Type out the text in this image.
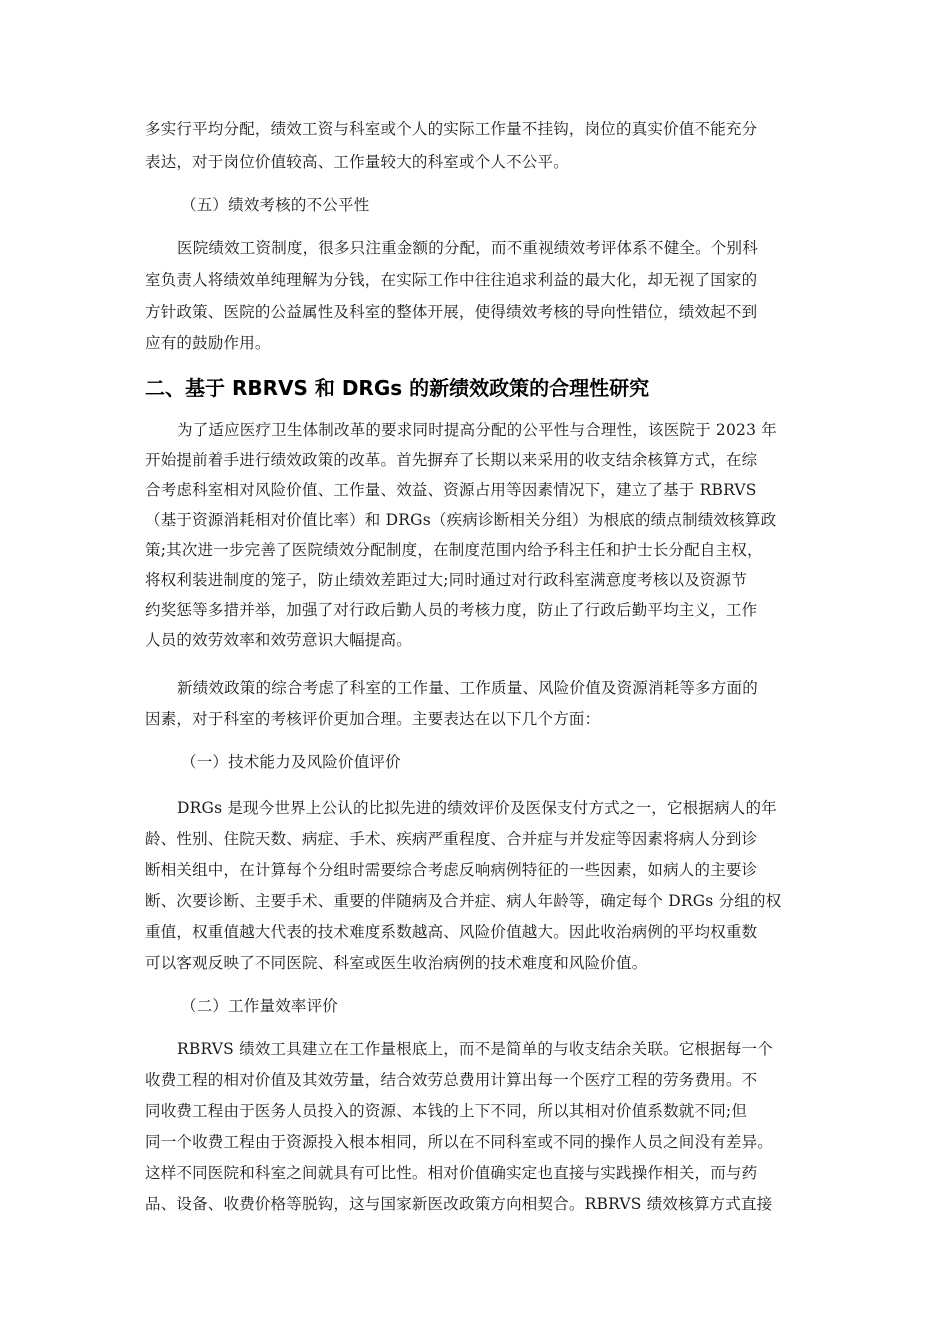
多实行平均分配，绩效工资与科室或个人的实际工作量不挂钩，岗位的真实价值不能充分
表达，对于岗位价值较高、工作量较大的科室或个人不公平。
（五）绩效考核的不公平性
医院绩效工资制度，很多只注重金额的分配，而不重视绩效考评体系不健全。个别科
室负责人将绩效单纯理解为分钱，在实际工作中往往追求利益的最大化，却无视了国家的
方针政策、医院的公益属性及科室的整体开展，使得绩效考核的导向性错位，绩效起不到
应有的鼓励作用。
二、基于 RBRVS 和 DRGs 的新绩效政策的合理性研究
为了适应医疗卫生体制改革的要求同时提高分配的公平性与合理性，该医院于 2023 年
开始提前着手进行绩效政策的改革。首先摒弃了长期以来采用的收支结余核算方式，在综
合考虑科室相对风险价值、工作量、效益、资源占用等因素情况下，建立了基于 RBRVS
（基于资源消耗相对价值比率）和 DRGs（疾病诊断相关分组）为根底的绩点制绩效核算政
策;其次进一步完善了医院绩效分配制度，在制度范围内给予科主任和护士长分配自主权，
将权利装进制度的笼子，防止绩效差距过大;同时通过对行政科室满意度考核以及资源节
约奖惩等多措并举，加强了对行政后勤人员的考核力度，防止了行政后勤平均主义，工作
人员的效劳效率和效劳意识大幅提高。
新绩效政策的综合考虑了科室的工作量、工作质量、风险价值及资源消耗等多方面的
因素，对于科室的考核评价更加合理。主要表达在以下几个方面：
（一）技术能力及风险价值评价
DRGs 是现今世界上公认的比拟先进的绩效评价及医保支付方式之一，它根据病人的年
龄、性别、住院天数、病症、手术、疾病严重程度、合并症与并发症等因素将病人分到诊
断相关组中，在计算每个分组时需要综合考虑反响病例特征的一些因素，如病人的主要诊
断、次要诊断、主要手术、重要的伴随病及合并症、病人年龄等，确定每个 DRGs 分组的权
重值，权重值越大代表的技术难度系数越高、风险价值越大。因此收治病例的平均权重数
可以客观反映了不同医院、科室或医生收治病例的技术难度和风险价值。
（二）工作量效率评价
RBRVS 绩效工具建立在工作量根底上，而不是简单的与收支结余关联。它根据每一个
收费工程的相对价值及其效劳量，结合效劳总费用计算出每一个医疗工程的劳务费用。不
同收费工程由于医务人员投入的资源、本钱的上下不同，所以其相对价值系数就不同;但
同一个收费工程由于资源投入根本相同，所以在不同科室或不同的操作人员之间没有差异。
这样不同医院和科室之间就具有可比性。相对价值确实定也直接与实践操作相关，而与药
品、设备、收费价格等脱钩，这与国家新医改政策方向相契合。RBRVS 绩效核算方式直接
